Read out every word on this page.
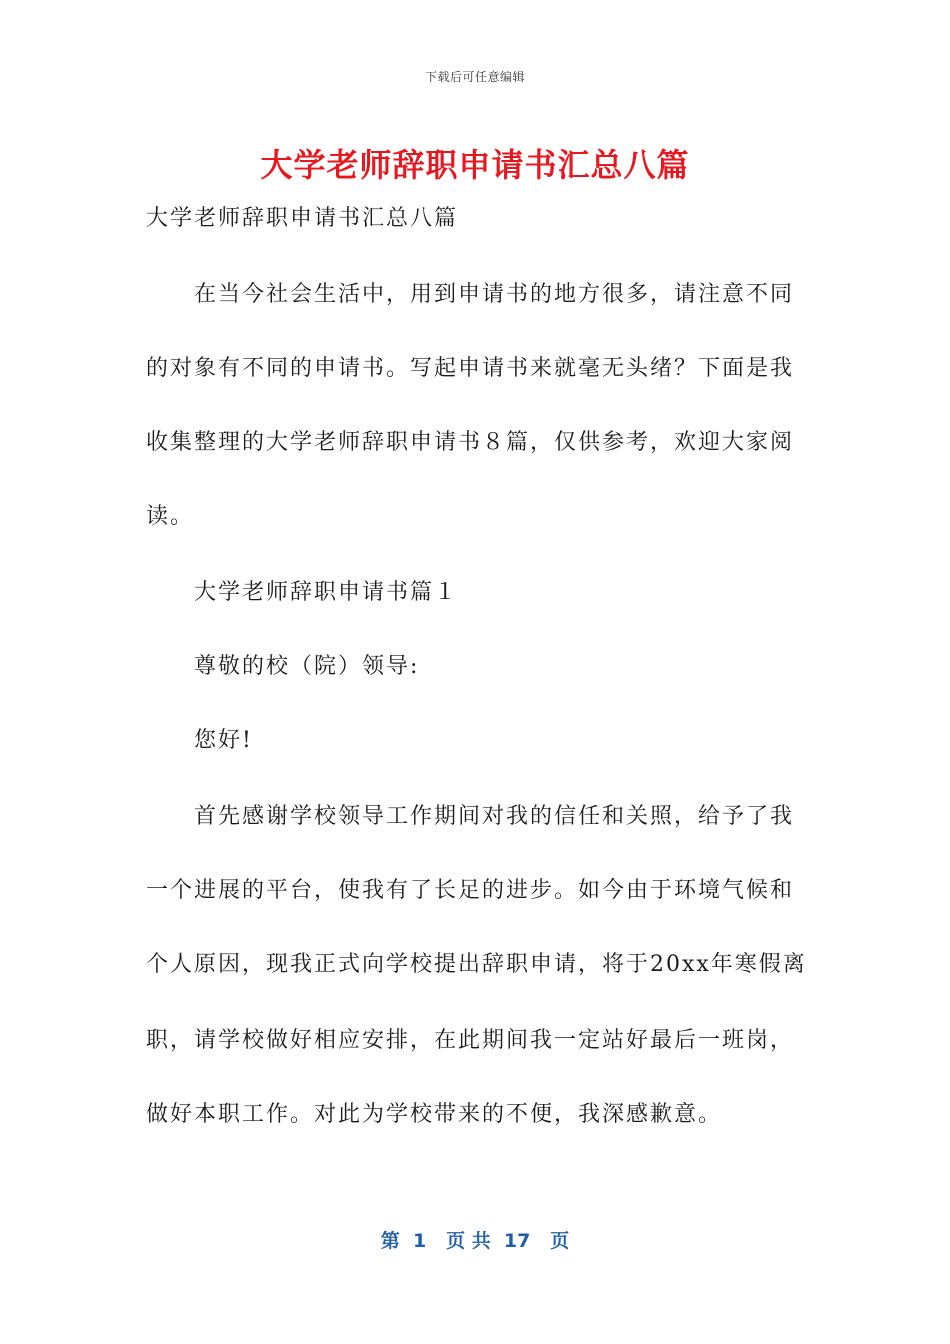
下载后可任意编辑
大学老师辞职申请书汇总八篇
大学老师辞职申请书汇总八篇
在当今社会生活中，用到申请书的地方很多，请注意不同
的对象有不同的申请书。写起申请书来就毫无头绪？下面是我
收集整理的大学老师辞职申请书８篇，仅供参考，欢迎大家阅
读。
大学老师辞职申请书篇１
尊敬的校（院）领导:
您好!
首先感谢学校领导工作期间对我的信任和关照，给予了我
一个进展的平台，使我有了长足的进步。如今由于环境气候和
个人原因，现我正式向学校提出辞职申请，将于20xx年寒假离
职，请学校做好相应安排，在此期间我一定站好最后一班岗，
做好本职工作。对此为学校带来的不便，我深感歉意。
第  1   页 共  17   页
